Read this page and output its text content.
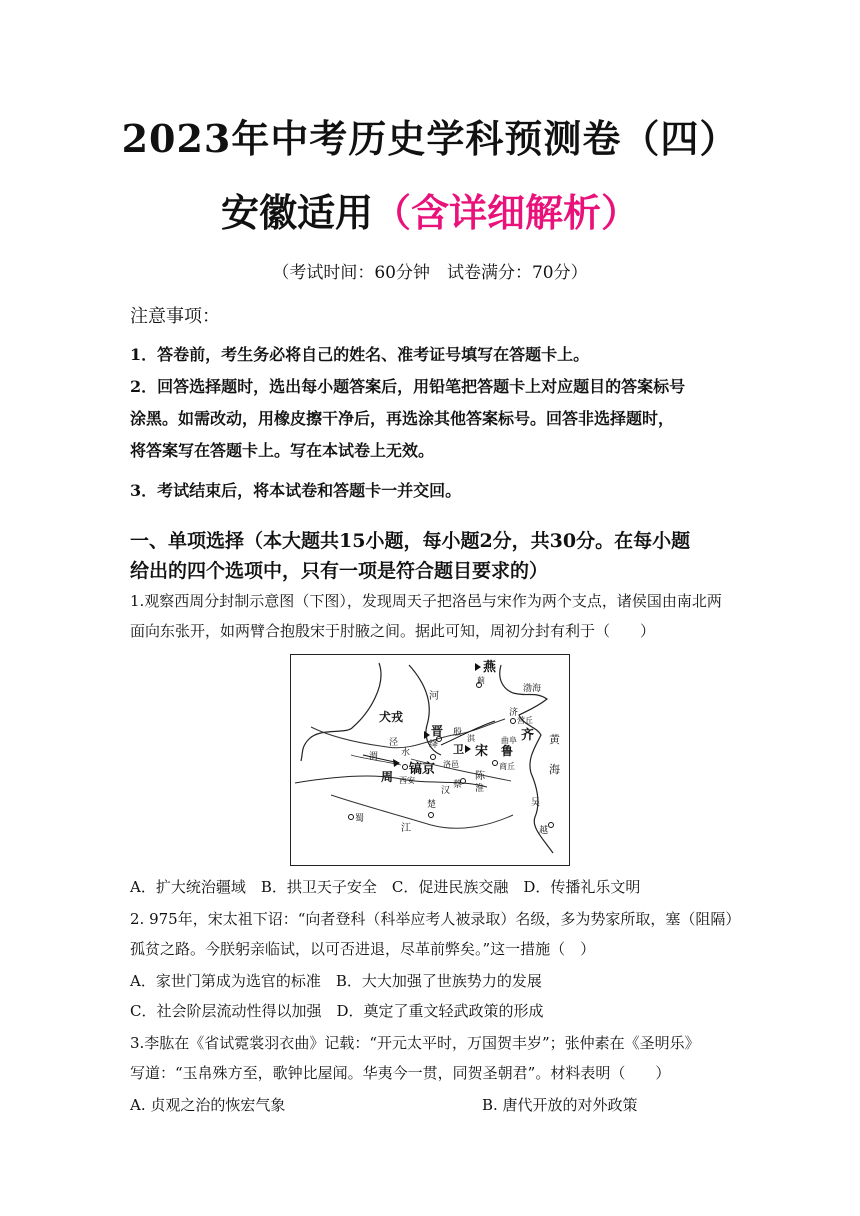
2023年中考历史学科预测卷（四）
安徽适用（含详细解析）
（考试时间：60分钟　试卷满分：70分）
注意事项：
1．答卷前，考生务必将自己的姓名、准考证号填写在答题卡上。
2．回答选择题时，选出每小题答案后，用铅笔把答题卡上对应题目的答案标号
涂黑。如需改动，用橡皮擦干净后，再选涂其他答案标号。回答非选择题时，
将答案写在答题卡上。写在本试卷上无效。
3．考试结束后，将本试卷和答题卡一并交回。
一、单项选择（本大题共15小题，每小题2分，共30分。在每小题
给出的四个选项中，只有一项是符合题目要求的）
1.观察西周分封制示意图（下图），发现周天子把洛邑与宋作为两个支点，诸侯国由南北两
面向东张开，如两臂合抱殷宋于肘腋之间。据此可知，周初分封有利于（　　）
燕
蓟
渤海
河
犬戎
晋
绛
殷
卫
济
营丘
齐 黄
海
曲阜
鲁
宋
商丘
渭
泾
水
镐京
周 西安
洛邑
蔡
陈
淮
蜀
楚
江
汉
吴
越
淇
A．扩大统治疆域　B．拱卫天子安全　C．促进民族交融　D．传播礼乐文明
2. 975年，宋太祖下诏：“向者登科（科举应考人被录取）名级，多为势家所取，塞（阻隔）
孤贫之路。今朕躬亲临试，以可否进退，尽革前弊矣。”这一措施（　）
A．家世门第成为选官的标准　B．大大加强了世族势力的发展
C．社会阶层流动性得以加强　D．奠定了重文轻武政策的形成
3.李肱在《省试霓裳羽衣曲》记载：“开元太平时，万国贺丰岁”；张仲素在《圣明乐》
写道：“玉帛殊方至，歌钟比屋闻。华夷今一贯，同贺圣朝君”。材料表明（　　）
A. 贞观之治的恢宏气象	B. 唐代开放的对外政策
